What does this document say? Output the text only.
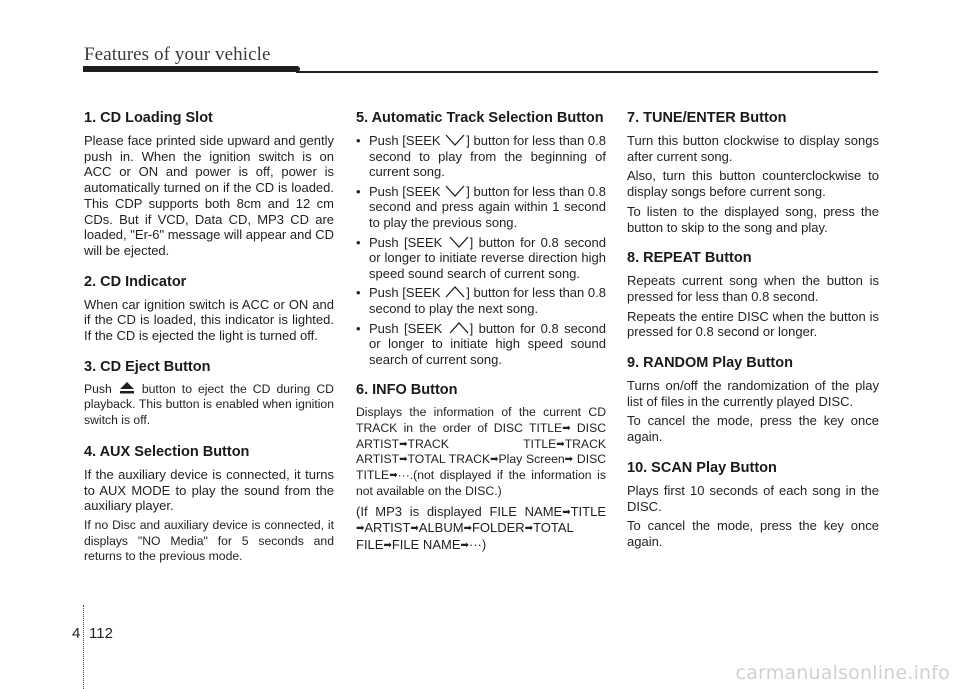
Features of your vehicle
1. CD Loading Slot

Please face printed side upward and gently push in. When the ignition switch is on ACC or ON and power is off, power is automatically turned on if the CD is loaded. This CDP supports both 8cm and 12 cm CDs. But if VCD, Data CD, MP3 CD are loaded, "Er-6" message will appear and CD will be ejected.

2. CD Indicator

When car ignition switch is ACC or ON and if the CD is loaded, this indicator is lighted. If the CD is ejected the light is turned off.

3. CD Eject Button

Push
button to eject the CD during CD playback. This button is enabled when ignition switch is off.

4. AUX Selection Button

If the auxiliary device is connected, it turns to AUX MODE to play the sound from the auxiliary player.

If no Disc and auxiliary device is connected, it displays "NO Media" for 5 seconds and returns to the previous mode.

5. Automatic Track Selection Button
• Push [SEEK
] button for less than 0.8 second to play from the beginning of current song.
• Push [SEEK
] button for less than 0.8 second and press again within 1 second to play the previous song.
• Push [SEEK
] button for 0.8 second or longer to initiate reverse direction high speed sound search of current song.
• Push [SEEK
] button for less than 0.8 second to play the next song.
• Push [SEEK
] button for 0.8 second or longer to initiate high speed sound search of current song.
6. INFO Button

Displays the information of the current CD TRACK in the order of DISC TITLE➡ DISC ARTIST➡TRACK TITLE➡TRACK ARTIST➡TOTAL TRACK➡Play Screen➡ DISC TITLE➡···.(not displayed if the information is not available on the DISC.)

(If MP3 is displayed FILE NAME➡TITLE ➡ARTIST➡ALBUM➡FOLDER➡TOTAL FILE➡FILE NAME➡···)

7. TUNE/ENTER Button

Turn this button clockwise to display songs after current song.

Also, turn this button counterclockwise to display songs before current song.

To listen to the displayed song, press the button to skip to the song and play.

8. REPEAT Button

Repeats current song when the button is pressed for less than 0.8 second.

Repeats the entire DISC when the button is pressed for 0.8 second or longer.

9. RANDOM Play Button

Turns on/off the randomization of the play list of files in the currently played DISC.

To cancel the mode, press the key once again.

10. SCAN Play Button

Plays first 10 seconds of each song in the DISC.

To cancel the mode, press the key once again.

4 112
carmanualsonline.info
